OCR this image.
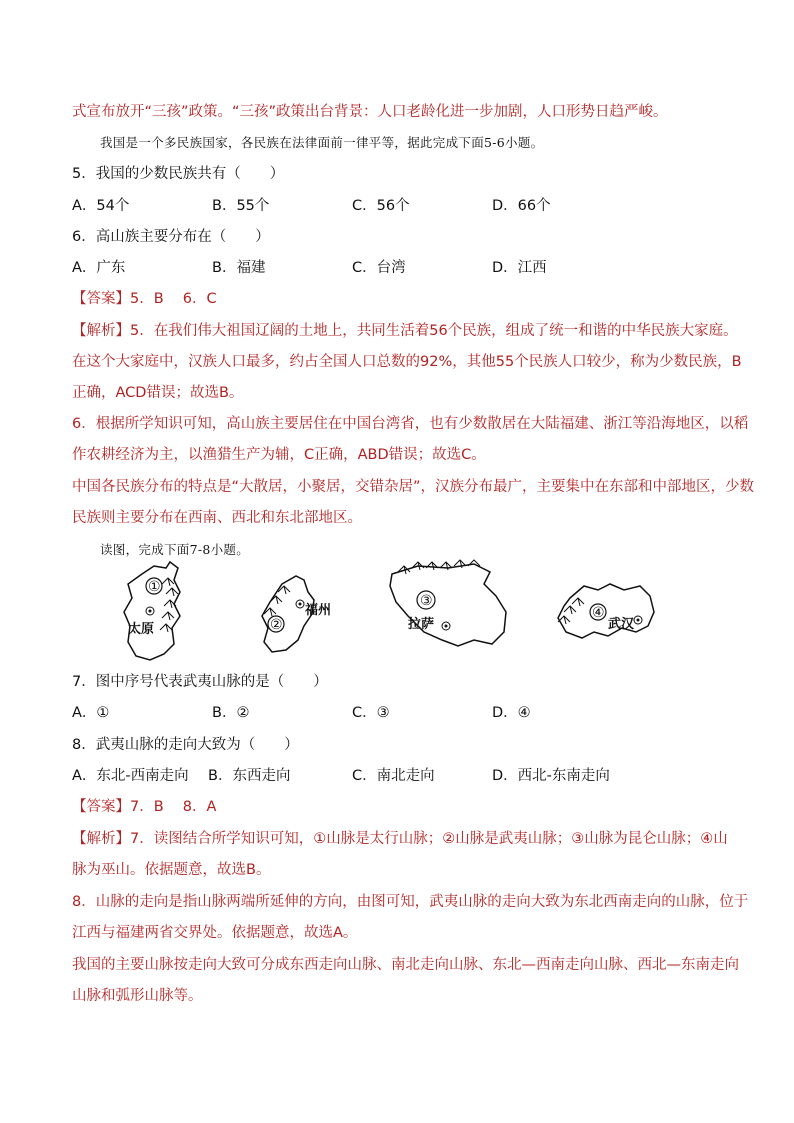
式宣布放开“三孩”政策。“三孩”政策出台背景：人口老龄化进一步加剧，人口形势日趋严峻。
我国是一个多民族国家，各民族在法律面前一律平等，据此完成下面5-6小题。
5．我国的少数民族共有（　　）
A．54个	B．55个	C．56个	D．66个
6．高山族主要分布在（　　）
A．广东	B．福建	C．台湾	D．江西
【答案】5．B　 6．C
【解析】5．在我们伟大祖国辽阔的土地上，共同生活着56个民族，组成了统一和谐的中华民族大家庭。
在这个大家庭中，汉族人口最多，约占全国人口总数的92%，其他55个民族人口较少，称为少数民族，B
正确，ACD错误；故选B。
6．根据所学知识可知，高山族主要居住在中国台湾省，也有少数散居在大陆福建、浙江等沿海地区，以稻
作农耕经济为主，以渔猎生产为辅，C正确，ABD错误；故选C。
中国各民族分布的特点是“大散居，小聚居，交错杂居”，汉族分布最广，主要集中在东部和中部地区，少数
民族则主要分布在西南、西北和东北部地区。
读图，完成下面7-8小题。
①
太原	②
福州
③
拉萨
④
武汉
7．图中序号代表武夷山脉的是（　　）
A．①	B．②	C．③	D．④
8．武夷山脉的走向大致为（　　）
A．东北-西南走向 B．东西走向	C．南北走向	D．西北-东南走向
【答案】7．B　 8．A
【解析】7．读图结合所学知识可知，①山脉是太行山脉；②山脉是武夷山脉；③山脉为昆仑山脉；④山
脉为巫山。依据题意，故选B。
8．山脉的走向是指山脉两端所延伸的方向，由图可知，武夷山脉的走向大致为东北西南走向的山脉，位于
江西与福建两省交界处。依据题意，故选A。
我国的主要山脉按走向大致可分成东西走向山脉、南北走向山脉、东北—西南走向山脉、西北—东南走向
山脉和弧形山脉等。
